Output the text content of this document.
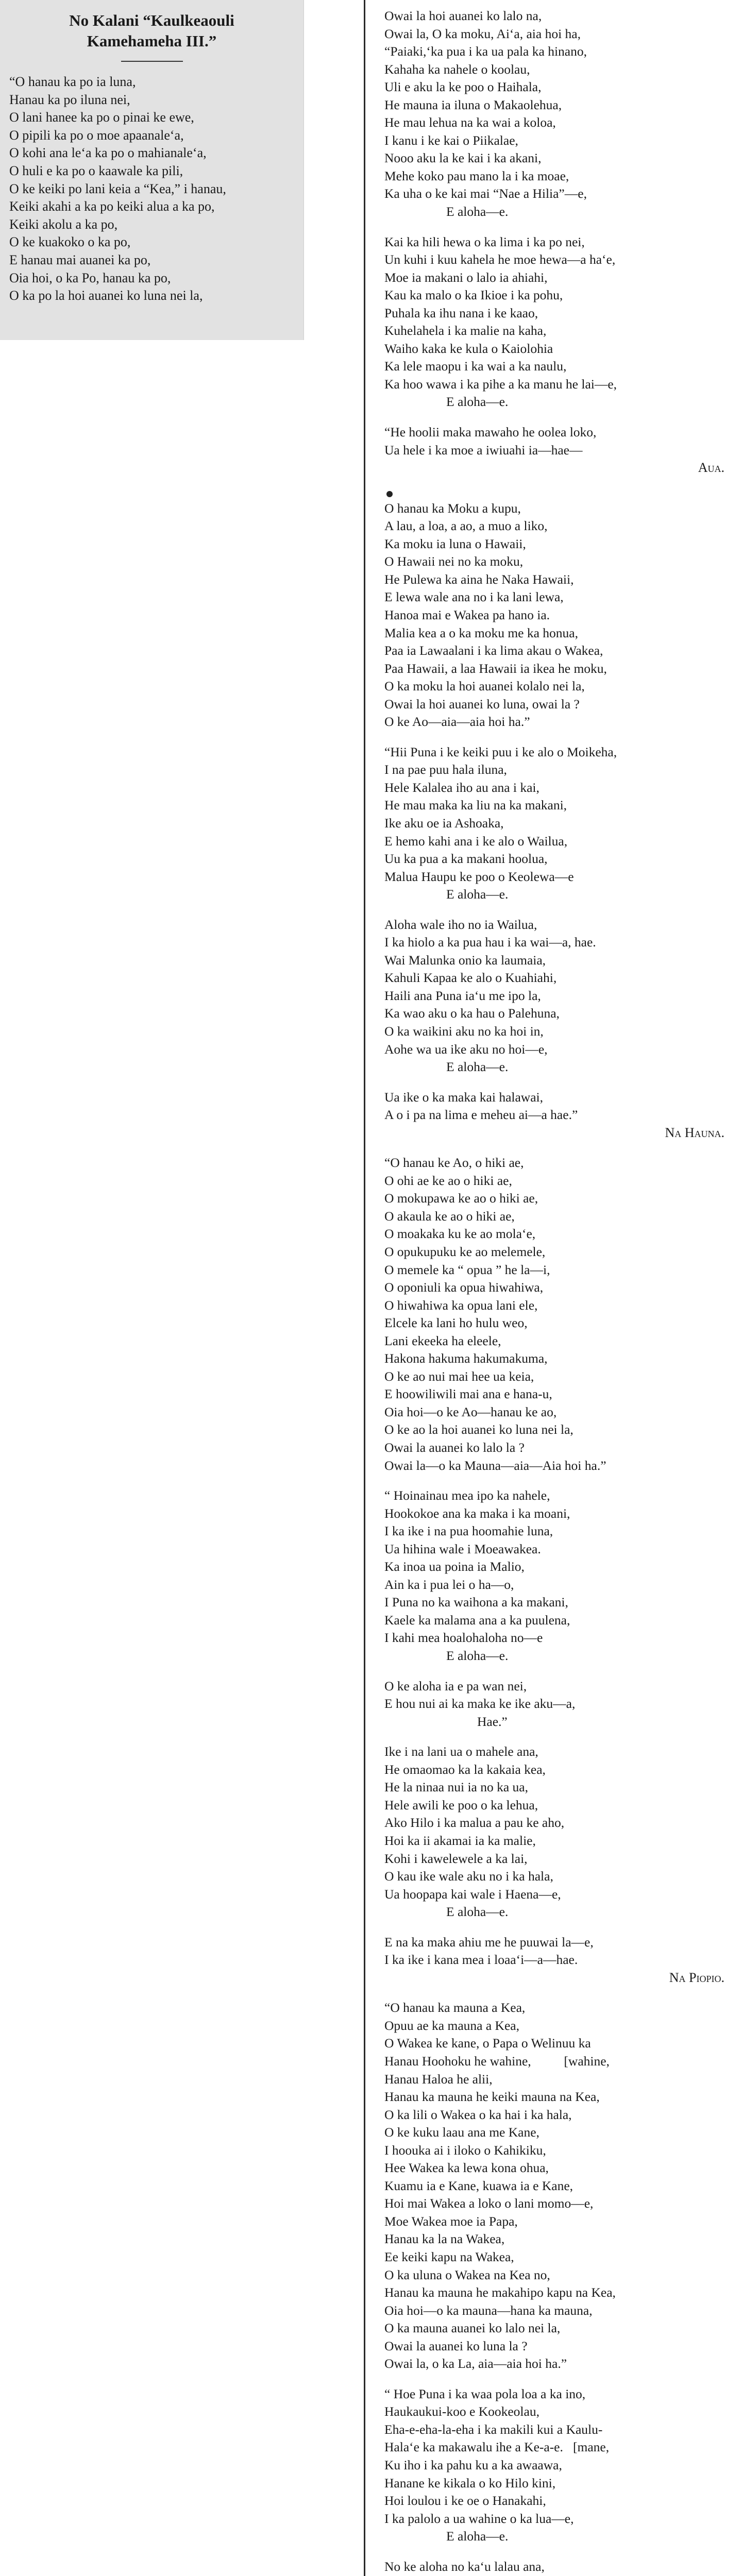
No Kalani “Kaulkeaouli
Kamehameha III.”
“O hanau ka po ia luna,
Hanau ka po iluna nei,
O lani hanee ka po o pinai ke ewe,
O pipili ka po o moe apaanale‘a,
O kohi ana le‘a ka po o mahianale‘a,
O huli e ka po o kaawale ka pili,
O ke keiki po lani keia a “Kea,” i hanau,
Keiki akahi a ka po keiki alua a ka po,
Keiki akolu a ka po,
O ke kuakoko o ka po,
E hanau mai auanei ka po,
Oia hoi, o ka Po, hanau ka po,
O ka po la hoi auanei ko luna nei la,
Owai la hoi auanei ko lalo na,
Owai la, O ka moku, Ai‘a, aia hoi ha,
“Paiaki,‘ka pua i ka ua pala ka hinano,
Kahaha ka nahele o koolau,
Uli e aku la ke poo o Haihala,
He mauna ia iluna o Makaolehua,
He mau lehua na ka wai a koloa,
I kanu i ke kai o Piikalae,
Nooo aku la ke kai i ka akani,
Mehe koko pau mano la i ka moae,
Ka uha o ke kai mai “Nae a Hilia”—e,
E aloha—e.
Kai ka hili hewa o ka lima i ka po nei,
Un kuhi i kuu kahela he moe hewa—a ha‘e,
Moe ia makani o lalo ia ahiahi,
Kau ka malo o ka Ikioe i ka pohu,
Puhala ka ihu nana i ke kaao,
Kuhelahela i ka malie na kaha,
Waiho kaka ke kula o Kaiolohia
Ka lele maopu i ka wai a ka naulu,
Ka hoo wawa i ka pihe a ka manu he lai—e,
E aloha—e.
“He hoolii maka mawaho he oolea loko,
Ua hele i ka moe a iwiuahi ia—hae—
Aua.
O hanau ka Moku a kupu,
A lau, a loa, a ao, a muo a liko,
Ka moku ia luna o Hawaii,
O Hawaii nei no ka moku,
He Pulewa ka aina he Naka Hawaii,
E lewa wale ana no i ka lani lewa,
Hanoa mai e Wakea pa hano ia.
Malia kea a o ka moku me ka honua,
Paa ia Lawaalani i ka lima akau o Wakea,
Paa Hawaii, a laa Hawaii ia ikea he moku,
O ka moku la hoi auanei kolalo nei la,
Owai la hoi auanei ko luna, owai la ?
O ke Ao—aia—aia hoi ha.”
“Hii Puna i ke keiki puu i ke alo o Moikeha,
I na pae puu hala iluna,
Hele Kalalea iho au ana i kai,
He mau maka ka liu na ka makani,
Ike aku oe ia Ashoaka,
E hemo kahi ana i ke alo o Wailua,
Uu ka pua a ka makani hoolua,
Malua Haupu ke poo o Keolewa—e
E aloha—e.
Aloha wale iho no ia Wailua,
I ka hiolo a ka pua hau i ka wai—a, hae.
Wai Malunka onio ka laumaia,
Kahuli Kapaa ke alo o Kuahiahi,
Haili ana Puna ia‘u me ipo la,
Ka wao aku o ka hau o Palehuna,
O ka waikini aku no ka hoi in,
Aohe wa ua ike aku no hoi—e,
E aloha—e.
Ua ike o ka maka kai halawai,
A o i pa na lima e meheu ai—a hae.”
Na Hauna.
“O hanau ke Ao, o hiki ae,
O ohi ae ke ao o hiki ae,
O mokupawa ke ao o hiki ae,
O akaula ke ao o hiki ae,
O moakaka ku ke ao mola‘e,
O opukupuku ke ao melemele,
O memele ka “ opua ” he la—i,
O oponiuli ka opua hiwahiwa,
O hiwahiwa ka opua lani ele,
Elcele ka lani ho hulu weo,
Lani ekeeka ha eleele,
Hakona hakuma hakumakuma,
O ke ao nui mai hee ua keia,
E hoowiliwili mai ana e hana-u,
Oia hoi—o ke Ao—hanau ke ao,
O ke ao la hoi auanei ko luna nei la,
Owai la auanei ko lalo la ?
Owai la—o ka Mauna—aia—Aia hoi ha.”
“ Hoinainau mea ipo ka nahele,
Hookokoe ana ka maka i ka moani,
I ka ike i na pua hoomahie luna,
Ua hihina wale i Moeawakea.
Ka inoa ua poina ia Malio,
Ain ka i pua lei o ha—o,
I Puna no ka waihona a ka makani,
Kaele ka malama ana a ka puulena,
I kahi mea hoalohaloha no—e
E aloha—e.
O ke aloha ia e pa wan nei,
E hou nui ai ka maka ke ike aku—a,
Hae.”
Ike i na lani ua o mahele ana,
He omaomao ka la kakaia kea,
He la ninaa nui ia no ka ua,
Hele awili ke poo o ka lehua,
Ako Hilo i ka malua a pau ke aho,
Hoi ka ii akamai ia ka malie,
Kohi i kawelewele a ka lai,
O kau ike wale aku no i ka hala,
Ua hoopapa kai wale i Haena—e,
E aloha—e.
E na ka maka ahiu me he puuwai la—e,
I ka ike i kana mea i loaa‘i—a—hae.
Na Piopio.
“O hanau ka mauna a Kea,
Opuu ae ka mauna a Kea,
O Wakea ke kane, o Papa o Welinuu ka
Hanau Hoohoku he wahine,          [wahine,
Hanau Haloa he alii,
Hanau ka mauna he keiki mauna na Kea,
O ka lili o Wakea o ka hai i ka hala,
O ke kuku laau ana me Kane,
I hoouka ai i iloko o Kahikiku,
Hee Wakea ka lewa kona ohua,
Kuamu ia e Kane, kuawa ia e Kane,
Hoi mai Wakea a loko o lani momo—e,
Moe Wakea moe ia Papa,
Hanau ka la na Wakea,
Ee keiki kapu na Wakea,
O ka uluna o Wakea na Kea no,
Hanau ka mauna he makahipo kapu na Kea,
Oia hoi—o ka mauna—hana ka mauna,
O ka mauna auanei ko lalo nei la,
Owai la auanei ko luna la ?
Owai la, o ka La, aia—aia hoi ha.”
“ Hoe Puna i ka waa pola loa a ka ino,
Haukaukui-koo e Kookeolau,
Eha-e-eha-la-eha i ka makili kui a Kaulu-
Hala‘e ka makawalu ihe a Ke-a-e.   [mane,
Ku iho i ka pahu ku a ka awaawa,
Hanane ke kikala o ko Hilo kini,
Hoi loulou i ke oe o Hanakahi,
I ka palolo a ua wahine o ka lua—e,
E aloha—e.
No ke aloha no ka‘u lalau ana,
